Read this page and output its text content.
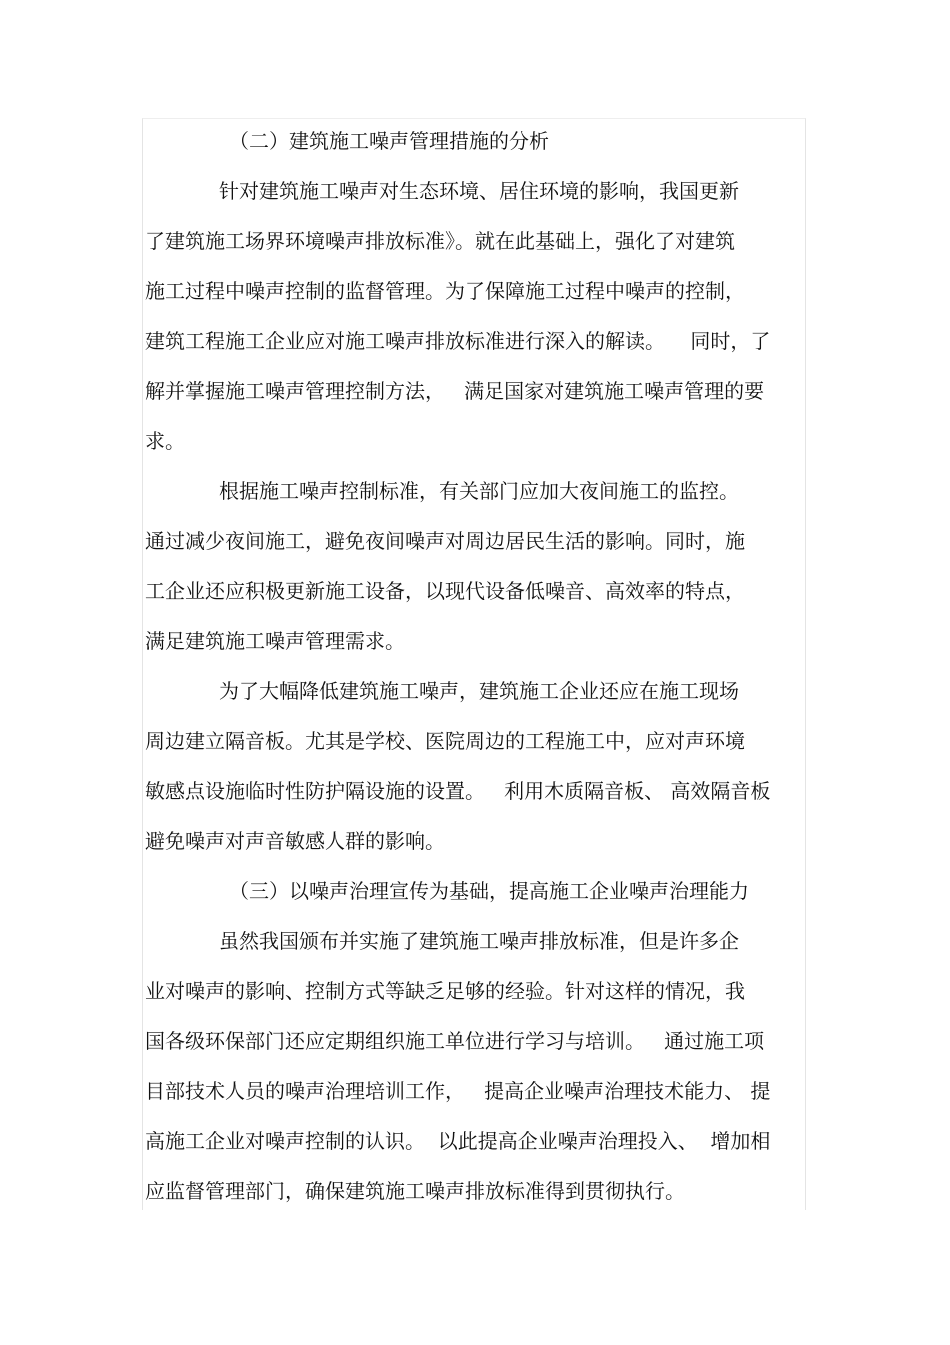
（二）建筑施工噪声管理措施的分析
针对建筑施工噪声对生态环境、居住环境的影响，我国更新
了建筑施工场界环境噪声排放标准》。就在此基础上，强化了对建筑
施工过程中噪声控制的监督管理。为了保障施工过程中噪声的控制，
建筑工程施工企业应对施工噪声排放标准进行深入的解读。    同时，了
解并掌握施工噪声管理控制方法，   满足国家对建筑施工噪声管理的要
求。
根据施工噪声控制标准，有关部门应加大夜间施工的监控。
通过减少夜间施工，避免夜间噪声对周边居民生活的影响。同时，施
工企业还应积极更新施工设备，以现代设备低噪音、高效率的特点，
满足建筑施工噪声管理需求。
为了大幅降低建筑施工噪声，建筑施工企业还应在施工现场
周边建立隔音板。尤其是学校、医院周边的工程施工中，应对声环境
敏感点设施临时性防护隔设施的设置。   利用木质隔音板、 高效隔音板
避免噪声对声音敏感人群的影响。
（三）以噪声治理宣传为基础，提高施工企业噪声治理能力
虽然我国颁布并实施了建筑施工噪声排放标准，但是许多企
业对噪声的影响、控制方式等缺乏足够的经验。针对这样的情况，我
国各级环保部门还应定期组织施工单位进行学习与培训。   通过施工项
目部技术人员的噪声治理培训工作，   提高企业噪声治理技术能力、 提
高施工企业对噪声控制的认识。  以此提高企业噪声治理投入、  增加相
应监督管理部门，确保建筑施工噪声排放标准得到贯彻执行。
